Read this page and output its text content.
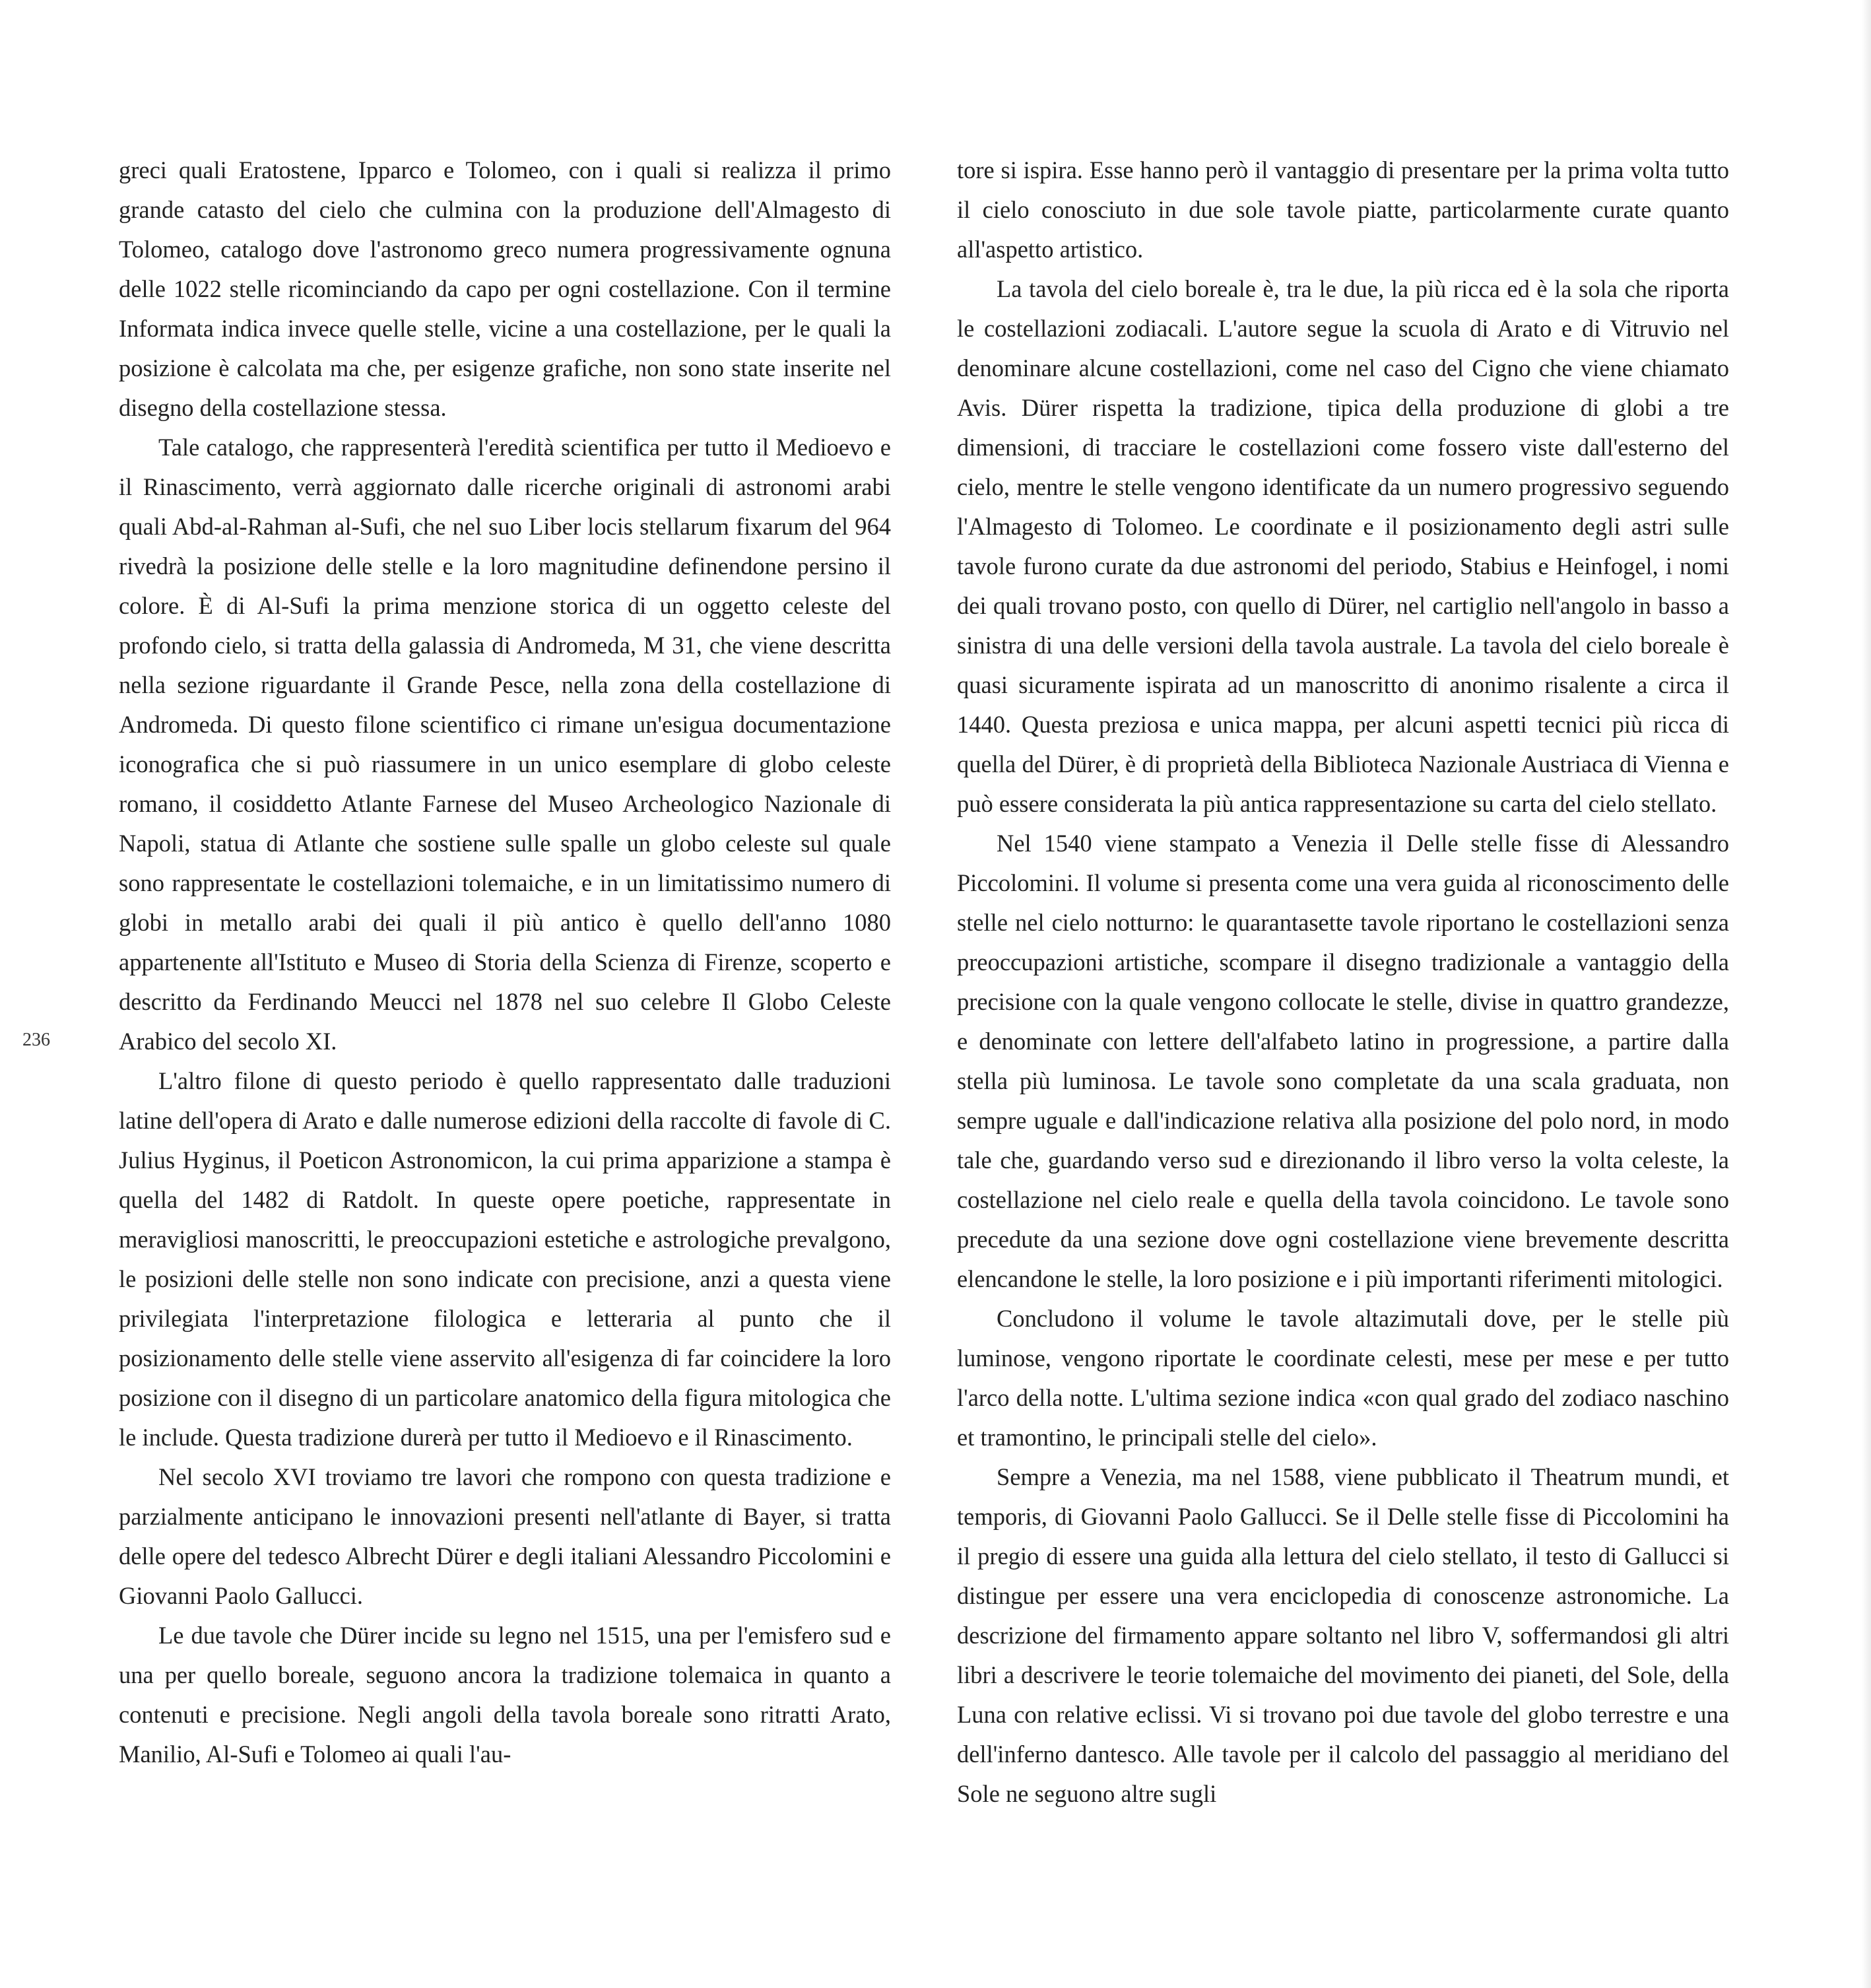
greci quali Eratostene, Ipparco e Tolomeo, con i quali si realizza il primo grande catasto del cielo che culmina con la produzione dell'Almagesto di Tolomeo, catalogo dove l'astronomo greco numera progressivamente ognuna delle 1022 stelle ricominciando da capo per ogni costellazione. Con il termine Informata indica invece quelle stelle, vicine a una costellazione, per le quali la posizione è calcolata ma che, per esigenze grafiche, non sono state inserite nel disegno della costellazione stessa.

Tale catalogo, che rappresenterà l'eredità scientifica per tutto il Medioevo e il Rinascimento, verrà aggiornato dalle ricerche originali di astronomi arabi quali Abd-al-Rahman al-Sufi, che nel suo Liber locis stellarum fixarum del 964 rivedrà la posizione delle stelle e la loro magnitudine definendone persino il colore. È di Al-Sufi la prima menzione storica di un oggetto celeste del profondo cielo, si tratta della galassia di Andromeda, M 31, che viene descritta nella sezione riguardante il Grande Pesce, nella zona della costellazione di Andromeda. Di questo filone scientifico ci rimane un'esigua documentazione iconografica che si può riassumere in un unico esemplare di globo celeste romano, il cosiddetto Atlante Farnese del Museo Archeologico Nazionale di Napoli, statua di Atlante che sostiene sulle spalle un globo celeste sul quale sono rappresentate le costellazioni tolemaiche, e in un limitatissimo numero di globi in metallo arabi dei quali il più antico è quello dell'anno 1080 appartenente all'Istituto e Museo di Storia della Scienza di Firenze, scoperto e descritto da Ferdinando Meucci nel 1878 nel suo celebre Il Globo Celeste Arabico del secolo XI.

L'altro filone di questo periodo è quello rappresentato dalle traduzioni latine dell'opera di Arato e dalle numerose edizioni della raccolte di favole di C. Julius Hyginus, il Poeticon Astronomicon, la cui prima apparizione a stampa è quella del 1482 di Ratdolt. In queste opere poetiche, rappresentate in meravigliosi manoscritti, le preoccupazioni estetiche e astrologiche prevalgono, le posizioni delle stelle non sono indicate con precisione, anzi a questa viene privilegiata l'interpretazione filologica e letteraria al punto che il posizionamento delle stelle viene asservito all'esigenza di far coincidere la loro posizione con il disegno di un particolare anatomico della figura mitologica che le include. Questa tradizione durerà per tutto il Medioevo e il Rinascimento.

Nel secolo XVI troviamo tre lavori che rompono con questa tradizione e parzialmente anticipano le innovazioni presenti nell'atlante di Bayer, si tratta delle opere del tedesco Albrecht Dürer e degli italiani Alessandro Piccolomini e Giovanni Paolo Gallucci.

Le due tavole che Dürer incide su legno nel 1515, una per l'emisfero sud e una per quello boreale, seguono ancora la tradizione tolemaica in quanto a contenuti e precisione. Negli angoli della tavola boreale sono ritratti Arato, Manilio, Al-Sufi e Tolomeo ai quali l'au-

tore si ispira. Esse hanno però il vantaggio di presentare per la prima volta tutto il cielo conosciuto in due sole tavole piatte, particolarmente curate quanto all'aspetto artistico.

La tavola del cielo boreale è, tra le due, la più ricca ed è la sola che riporta le costellazioni zodiacali. L'autore segue la scuola di Arato e di Vitruvio nel denominare alcune costellazioni, come nel caso del Cigno che viene chiamato Avis. Dürer rispetta la tradizione, tipica della produzione di globi a tre dimensioni, di tracciare le costellazioni come fossero viste dall'esterno del cielo, mentre le stelle vengono identificate da un numero progressivo seguendo l'Almagesto di Tolomeo. Le coordinate e il posizionamento degli astri sulle tavole furono curate da due astronomi del periodo, Stabius e Heinfogel, i nomi dei quali trovano posto, con quello di Dürer, nel cartiglio nell'angolo in basso a sinistra di una delle versioni della tavola australe. La tavola del cielo boreale è quasi sicuramente ispirata ad un manoscritto di anonimo risalente a circa il 1440. Questa preziosa e unica mappa, per alcuni aspetti tecnici più ricca di quella del Dürer, è di proprietà della Biblioteca Nazionale Austriaca di Vienna e può essere considerata la più antica rappresentazione su carta del cielo stellato.

Nel 1540 viene stampato a Venezia il Delle stelle fisse di Alessandro Piccolomini. Il volume si presenta come una vera guida al riconoscimento delle stelle nel cielo notturno: le quarantasette tavole riportano le costellazioni senza preoccupazioni artistiche, scompare il disegno tradizionale a vantaggio della precisione con la quale vengono collocate le stelle, divise in quattro grandezze, e denominate con lettere dell'alfabeto latino in progressione, a partire dalla stella più luminosa. Le tavole sono completate da una scala graduata, non sempre uguale e dall'indicazione relativa alla posizione del polo nord, in modo tale che, guardando verso sud e direzionando il libro verso la volta celeste, la costellazione nel cielo reale e quella della tavola coincidono. Le tavole sono precedute da una sezione dove ogni costellazione viene brevemente descritta elencandone le stelle, la loro posizione e i più importanti riferimenti mitologici.

Concludono il volume le tavole altazimutali dove, per le stelle più luminose, vengono riportate le coordinate celesti, mese per mese e per tutto l'arco della notte. L'ultima sezione indica «con qual grado del zodiaco naschino et tramontino, le principali stelle del cielo».

Sempre a Venezia, ma nel 1588, viene pubblicato il Theatrum mundi, et temporis, di Giovanni Paolo Gallucci. Se il Delle stelle fisse di Piccolomini ha il pregio di essere una guida alla lettura del cielo stellato, il testo di Gallucci si distingue per essere una vera enciclopedia di conoscenze astronomiche. La descrizione del firmamento appare soltanto nel libro V, soffermandosi gli altri libri a descrivere le teorie tolemaiche del movimento dei pianeti, del Sole, della Luna con relative eclissi. Vi si trovano poi due tavole del globo terrestre e una dell'inferno dantesco. Alle tavole per il calcolo del passaggio al meridiano del Sole ne seguono altre sugli

236
